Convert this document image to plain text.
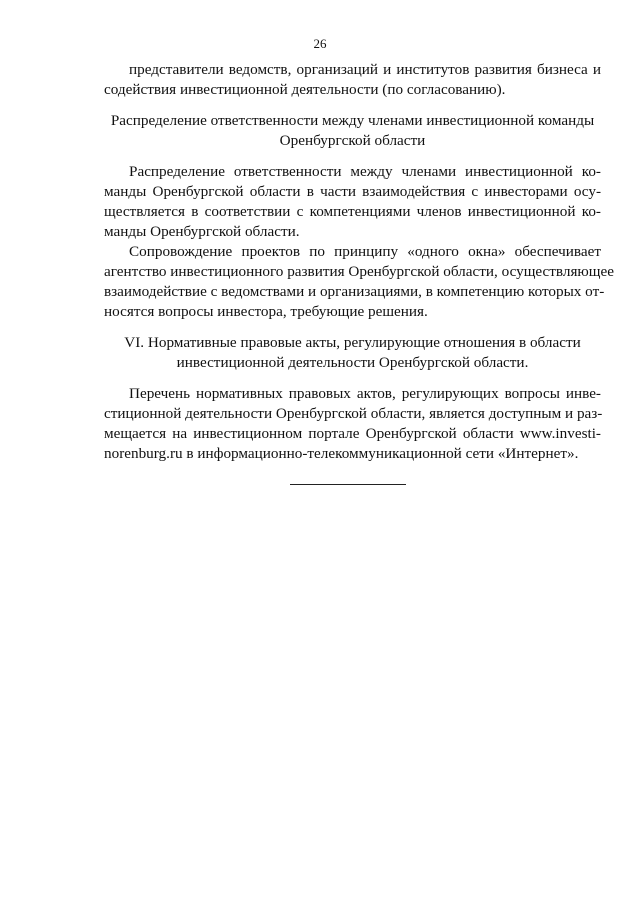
26
представители ведомств, организаций и институтов развития бизнеса и
содействия инвестиционной деятельности (по согласованию).
Распределение ответственности между членами инвестиционной команды
Оренбургской области
Распределение ответственности между членами инвестиционной ко-
манды Оренбургской области в части взаимодействия с инвесторами осу-
ществляется в соответствии с компетенциями членов инвестиционной ко-
манды Оренбургской области.
Сопровождение проектов по принципу «одного окна» обеспечивает
агентство инвестиционного развития Оренбургской области, осуществляющее
взаимодействие с ведомствами и организациями, в компетенцию которых от-
носятся вопросы инвестора, требующие решения.
VI. Нормативные правовые акты, регулирующие отношения в области
инвестиционной деятельности Оренбургской области.
Перечень нормативных правовых актов, регулирующих вопросы инве-
стиционной деятельности Оренбургской области, является доступным и раз-
мещается на инвестиционном портале Оренбургской области www.investi-
norenburg.ru в информационно-телекоммуникационной сети «Интернет».
